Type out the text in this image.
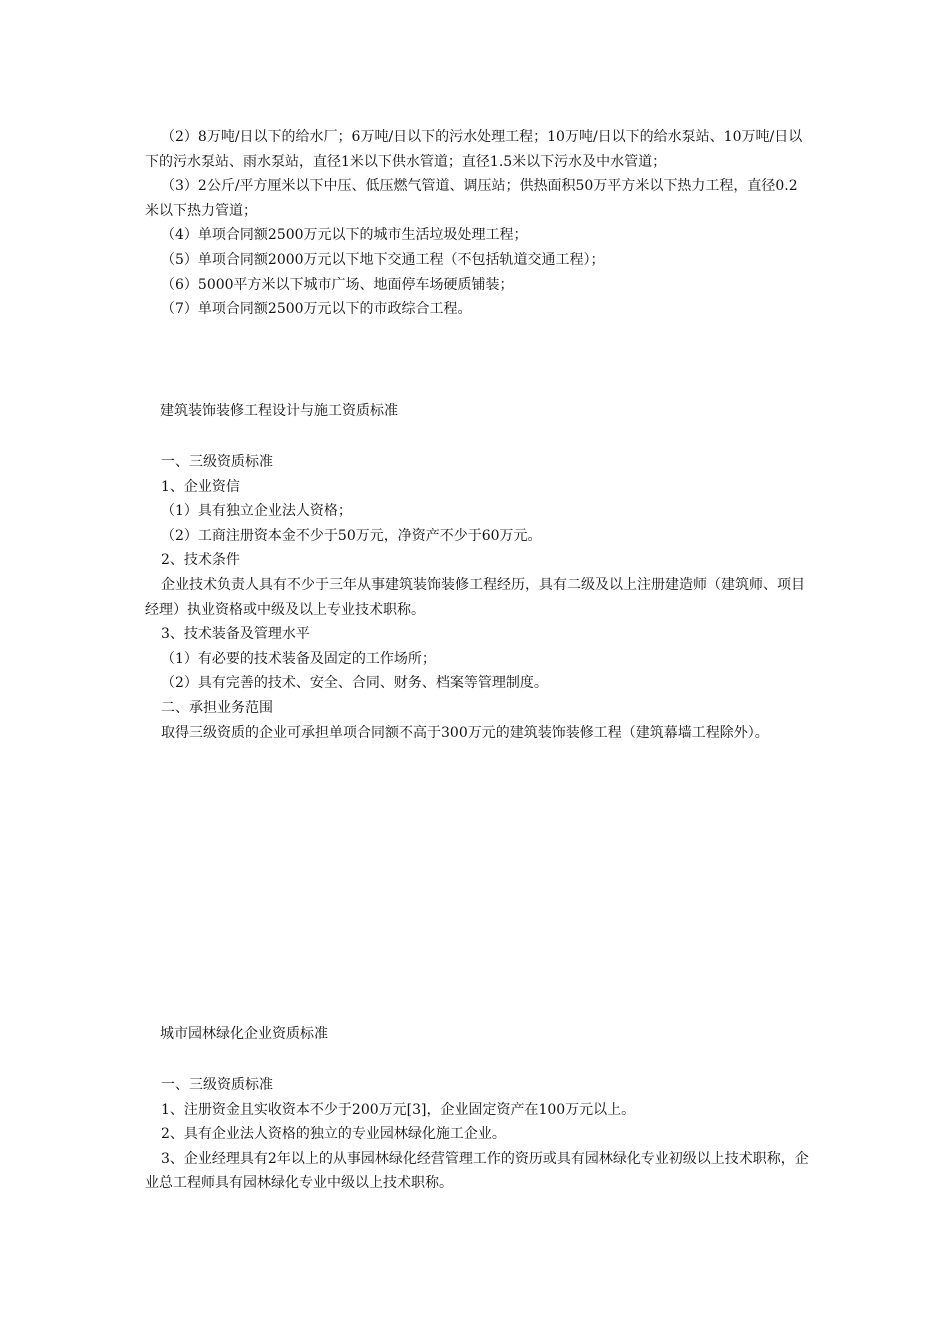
（2）8万吨/日以下的给水厂；6万吨/日以下的污水处理工程；10万吨/日以下的给水泵站、10万吨/日以下的污水泵站、雨水泵站，直径1米以下供水管道；直径1.5米以下污水及中水管道；

（3）2公斤/平方厘米以下中压、低压燃气管道、调压站；供热面积50万平方米以下热力工程，直径0.2米以下热力管道；

（4）单项合同额2500万元以下的城市生活垃圾处理工程；

（5）单项合同额2000万元以下地下交通工程（不包括轨道交通工程）；

（6）5000平方米以下城市广场、地面停车场硬质铺装；

（7）单项合同额2500万元以下的市政综合工程。

建筑装饰装修工程设计与施工资质标准

一、三级资质标准

1、企业资信

（1）具有独立企业法人资格；

（2）工商注册资本金不少于50万元，净资产不少于60万元。

2、技术条件

企业技术负责人具有不少于三年从事建筑装饰装修工程经历，具有二级及以上注册建造师（建筑师、项目经理）执业资格或中级及以上专业技术职称。

3、技术装备及管理水平

（1）有必要的技术装备及固定的工作场所；

（2）具有完善的技术、安全、合同、财务、档案等管理制度。

二、承担业务范围

取得三级资质的企业可承担单项合同额不高于300万元的建筑装饰装修工程（建筑幕墙工程除外）。

城市园林绿化企业资质标准

一、三级资质标准

1、注册资金且实收资本不少于200万元[3]，企业固定资产在100万元以上。

2、具有企业法人资格的独立的专业园林绿化施工企业。

3、企业经理具有2年以上的从事园林绿化经营管理工作的资历或具有园林绿化专业初级以上技术职称，企业总工程师具有园林绿化专业中级以上技术职称。
